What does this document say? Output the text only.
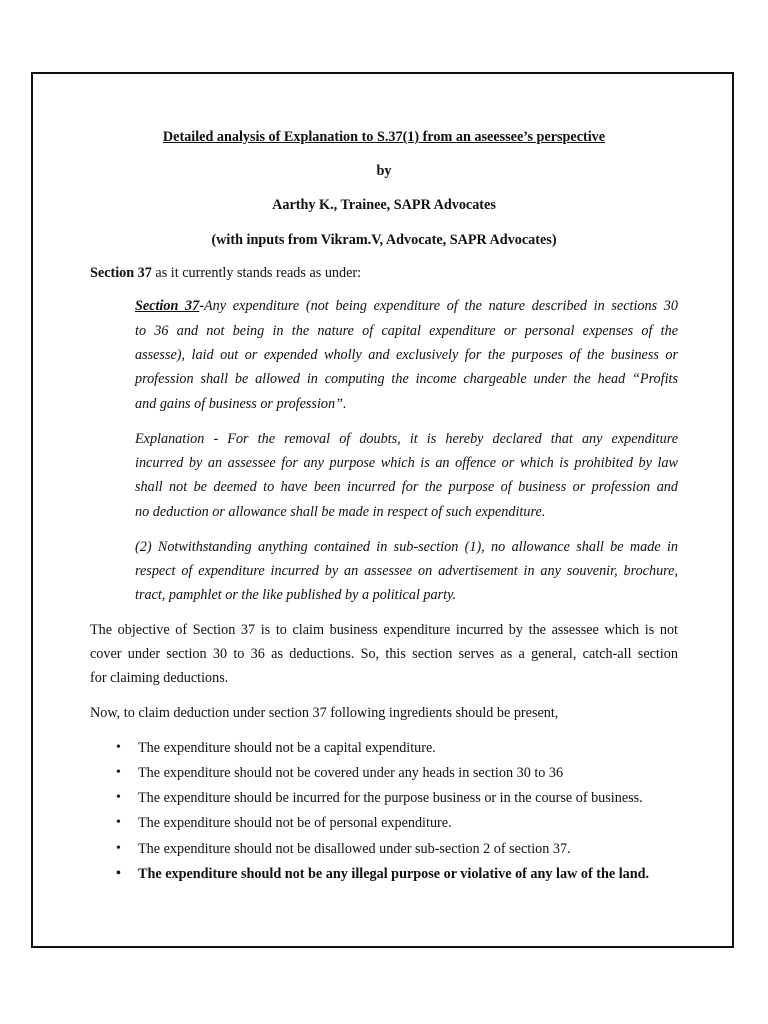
Detailed analysis of Explanation to S.37(1) from an aseessee’s perspective
by
Aarthy K., Trainee, SAPR Advocates
(with inputs from Vikram.V, Advocate, SAPR Advocates)
Section 37 as it currently stands reads as under:
Section 37-Any expenditure (not being expenditure of the nature described in sections 30
to 36 and not being in the nature of capital expenditure or personal expenses of the
assesse), laid out or expended wholly and exclusively for the purposes of the business or
profession shall be allowed in computing the income chargeable under the head “Profits
and gains of business or profession”.
Explanation - For the removal of doubts, it is hereby declared that any expenditure
incurred by an assessee for any purpose which is an offence or which is prohibited by law
shall not be deemed to have been incurred for the purpose of business or profession and
no deduction or allowance shall be made in respect of such expenditure.
(2) Notwithstanding anything contained in sub-section (1), no allowance shall be made in
respect of expenditure incurred by an assessee on advertisement in any souvenir, brochure,
tract, pamphlet or the like published by a political party.
The objective of Section 37 is to claim business expenditure incurred by the assessee which is not
cover under section 30 to 36 as deductions. So, this section serves as a general, catch-all section
for claiming deductions.
Now, to claim deduction under section 37 following ingredients should be present,
• The expenditure should not be a capital expenditure.
• The expenditure should not be covered under any heads in section 30 to 36
• The expenditure should be incurred for the purpose business or in the course of business.
• The expenditure should not be of personal expenditure.
• The expenditure should not be disallowed under sub-section 2 of section 37.
• The expenditure should not be any illegal purpose or violative of any law of the land.
